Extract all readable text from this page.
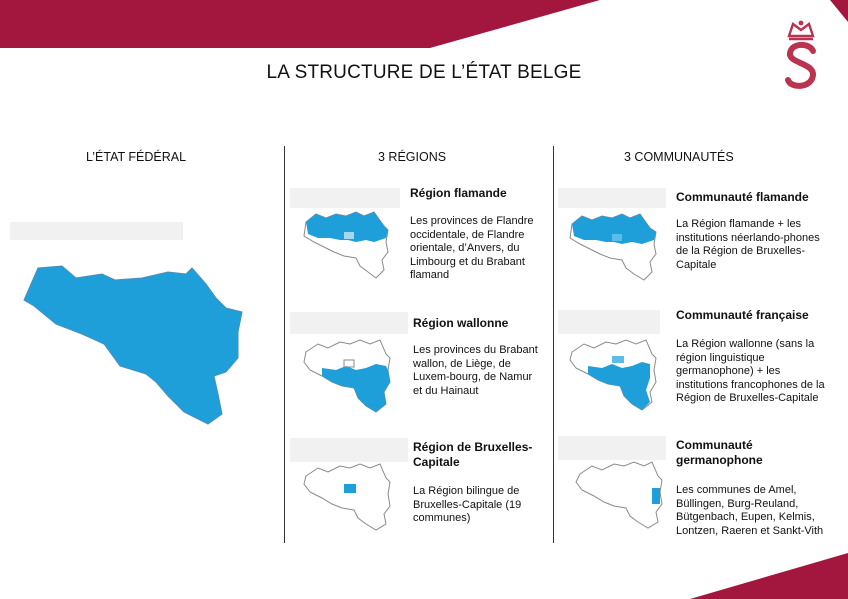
LA STRUCTURE DE L’ÉTAT BELGE
L’ÉTAT FÉDÉRAL	3 RÉGIONS	3 COMMUNAUTÉS
Région flamande
Les provinces de Flandre occidentale, de Flandre orientale, d’Anvers, du Limbourg et du Brabant flamand
Région wallonne
Les provinces du Brabant wallon, de Liège, de Luxem-bourg, de Namur et du Hainaut
Région de Bruxelles-Capitale
La Région bilingue de Bruxelles-Capitale (19 communes)
Communauté flamande
La Région flamande + les institutions néerlando-phones de la Région de Bruxelles-Capitale
Communauté française
La Région wallonne (sans la région linguistique germanophone) + les institutions francophones de la Région de Bruxelles-Capitale
Communauté germanophone
Les communes de Amel, Büllingen, Burg-Reuland, Bütgenbach, Eupen, Kelmis, Lontzen, Raeren et Sankt-Vith
